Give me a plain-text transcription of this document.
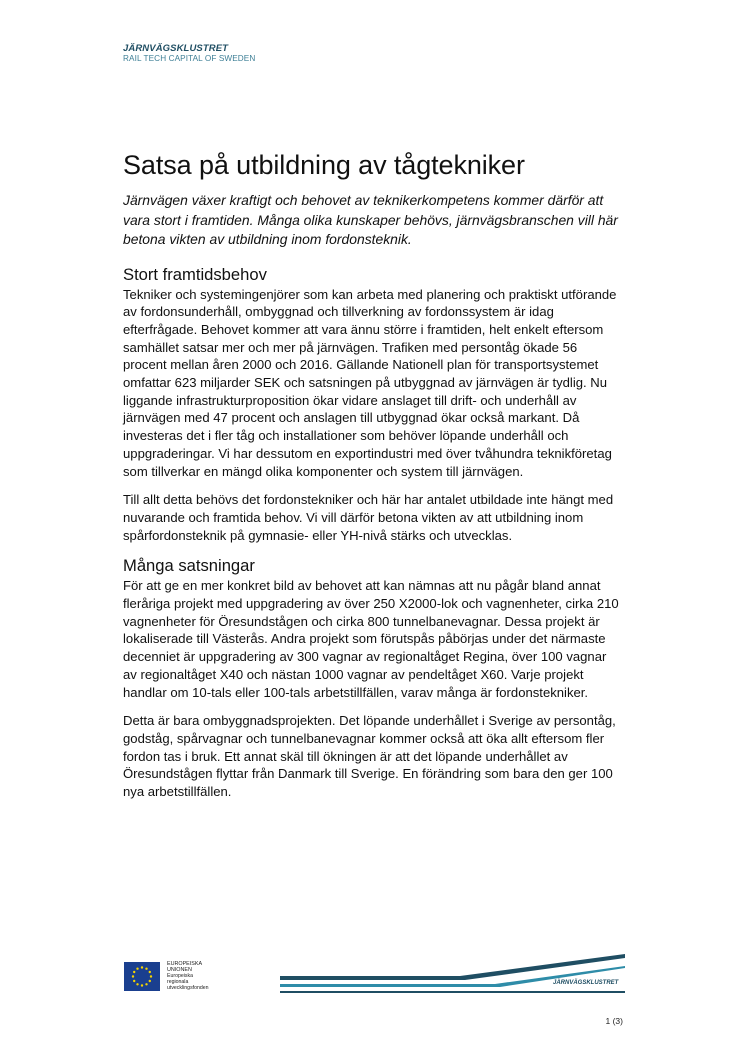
JÄRNVÄGSKLUSTRET
RAIL TECH CAPITAL OF SWEDEN
Satsa på utbildning av tågtekniker

Järnvägen växer kraftigt och behovet av teknikerkompetens kommer därför att vara stort i framtiden. Många olika kunskaper behövs, järnvägsbranschen vill här betona vikten av utbildning inom fordonsteknik.

Stort framtidsbehov

Tekniker och systemingenjörer som kan arbeta med planering och praktiskt utförande av fordonsunderhåll, ombyggnad och tillverkning av fordonssystem är idag efterfrågade. Behovet kommer att vara ännu större i framtiden, helt enkelt eftersom samhället satsar mer och mer på järnvägen. Trafiken med persontåg ökade 56 procent mellan åren 2000 och 2016. Gällande Nationell plan för transportsystemet omfattar 623 miljarder SEK och satsningen på utbyggnad av järnvägen är tydlig. Nu liggande infrastrukturproposition ökar vidare anslaget till drift- och underhåll av järnvägen med 47 procent och anslagen till utbyggnad ökar också markant. Då investeras det i fler tåg och installationer som behöver löpande underhåll och uppgraderingar. Vi har dessutom en exportindustri med över tvåhundra teknikföretag som tillverkar en mängd olika komponenter och system till järnvägen.

Till allt detta behövs det fordonstekniker och här har antalet utbildade inte hängt med nuvarande och framtida behov. Vi vill därför betona vikten av att utbildning inom spårfordonsteknik på gymnasie- eller YH-nivå stärks och utvecklas.

Många satsningar

För att ge en mer konkret bild av behovet att kan nämnas att nu pågår bland annat fleråriga projekt med uppgradering av över 250 X2000-lok och vagnenheter, cirka 210 vagnenheter för Öresundstågen och cirka 800 tunnelbanevagnar. Dessa projekt är lokaliserade till Västerås. Andra projekt som förutspås påbörjas under det närmaste decenniet är uppgradering av 300 vagnar av regionaltåget Regina, över 100 vagnar av regionaltåget X40 och nästan 1000 vagnar av pendeltåget X60. Varje projekt handlar om 10-tals eller 100-tals arbetstillfällen, varav många är fordonstekniker.

Detta är bara ombyggnadsprojekten. Det löpande underhållet i Sverige av persontåg, godståg, spårvagnar och tunnelbanevagnar kommer också att öka allt eftersom fler fordon tas i bruk. Ett annat skäl till ökningen är att det löpande underhållet av Öresundstågen flyttar från Danmark till Sverige. En förändring som bara den ger 100 nya arbetstillfällen.

EUROPEISKA
UNIONEN
Europeiska
regionala
utvecklingsfonden
JÄRNVÄGSKLUSTRET
1 (3)
